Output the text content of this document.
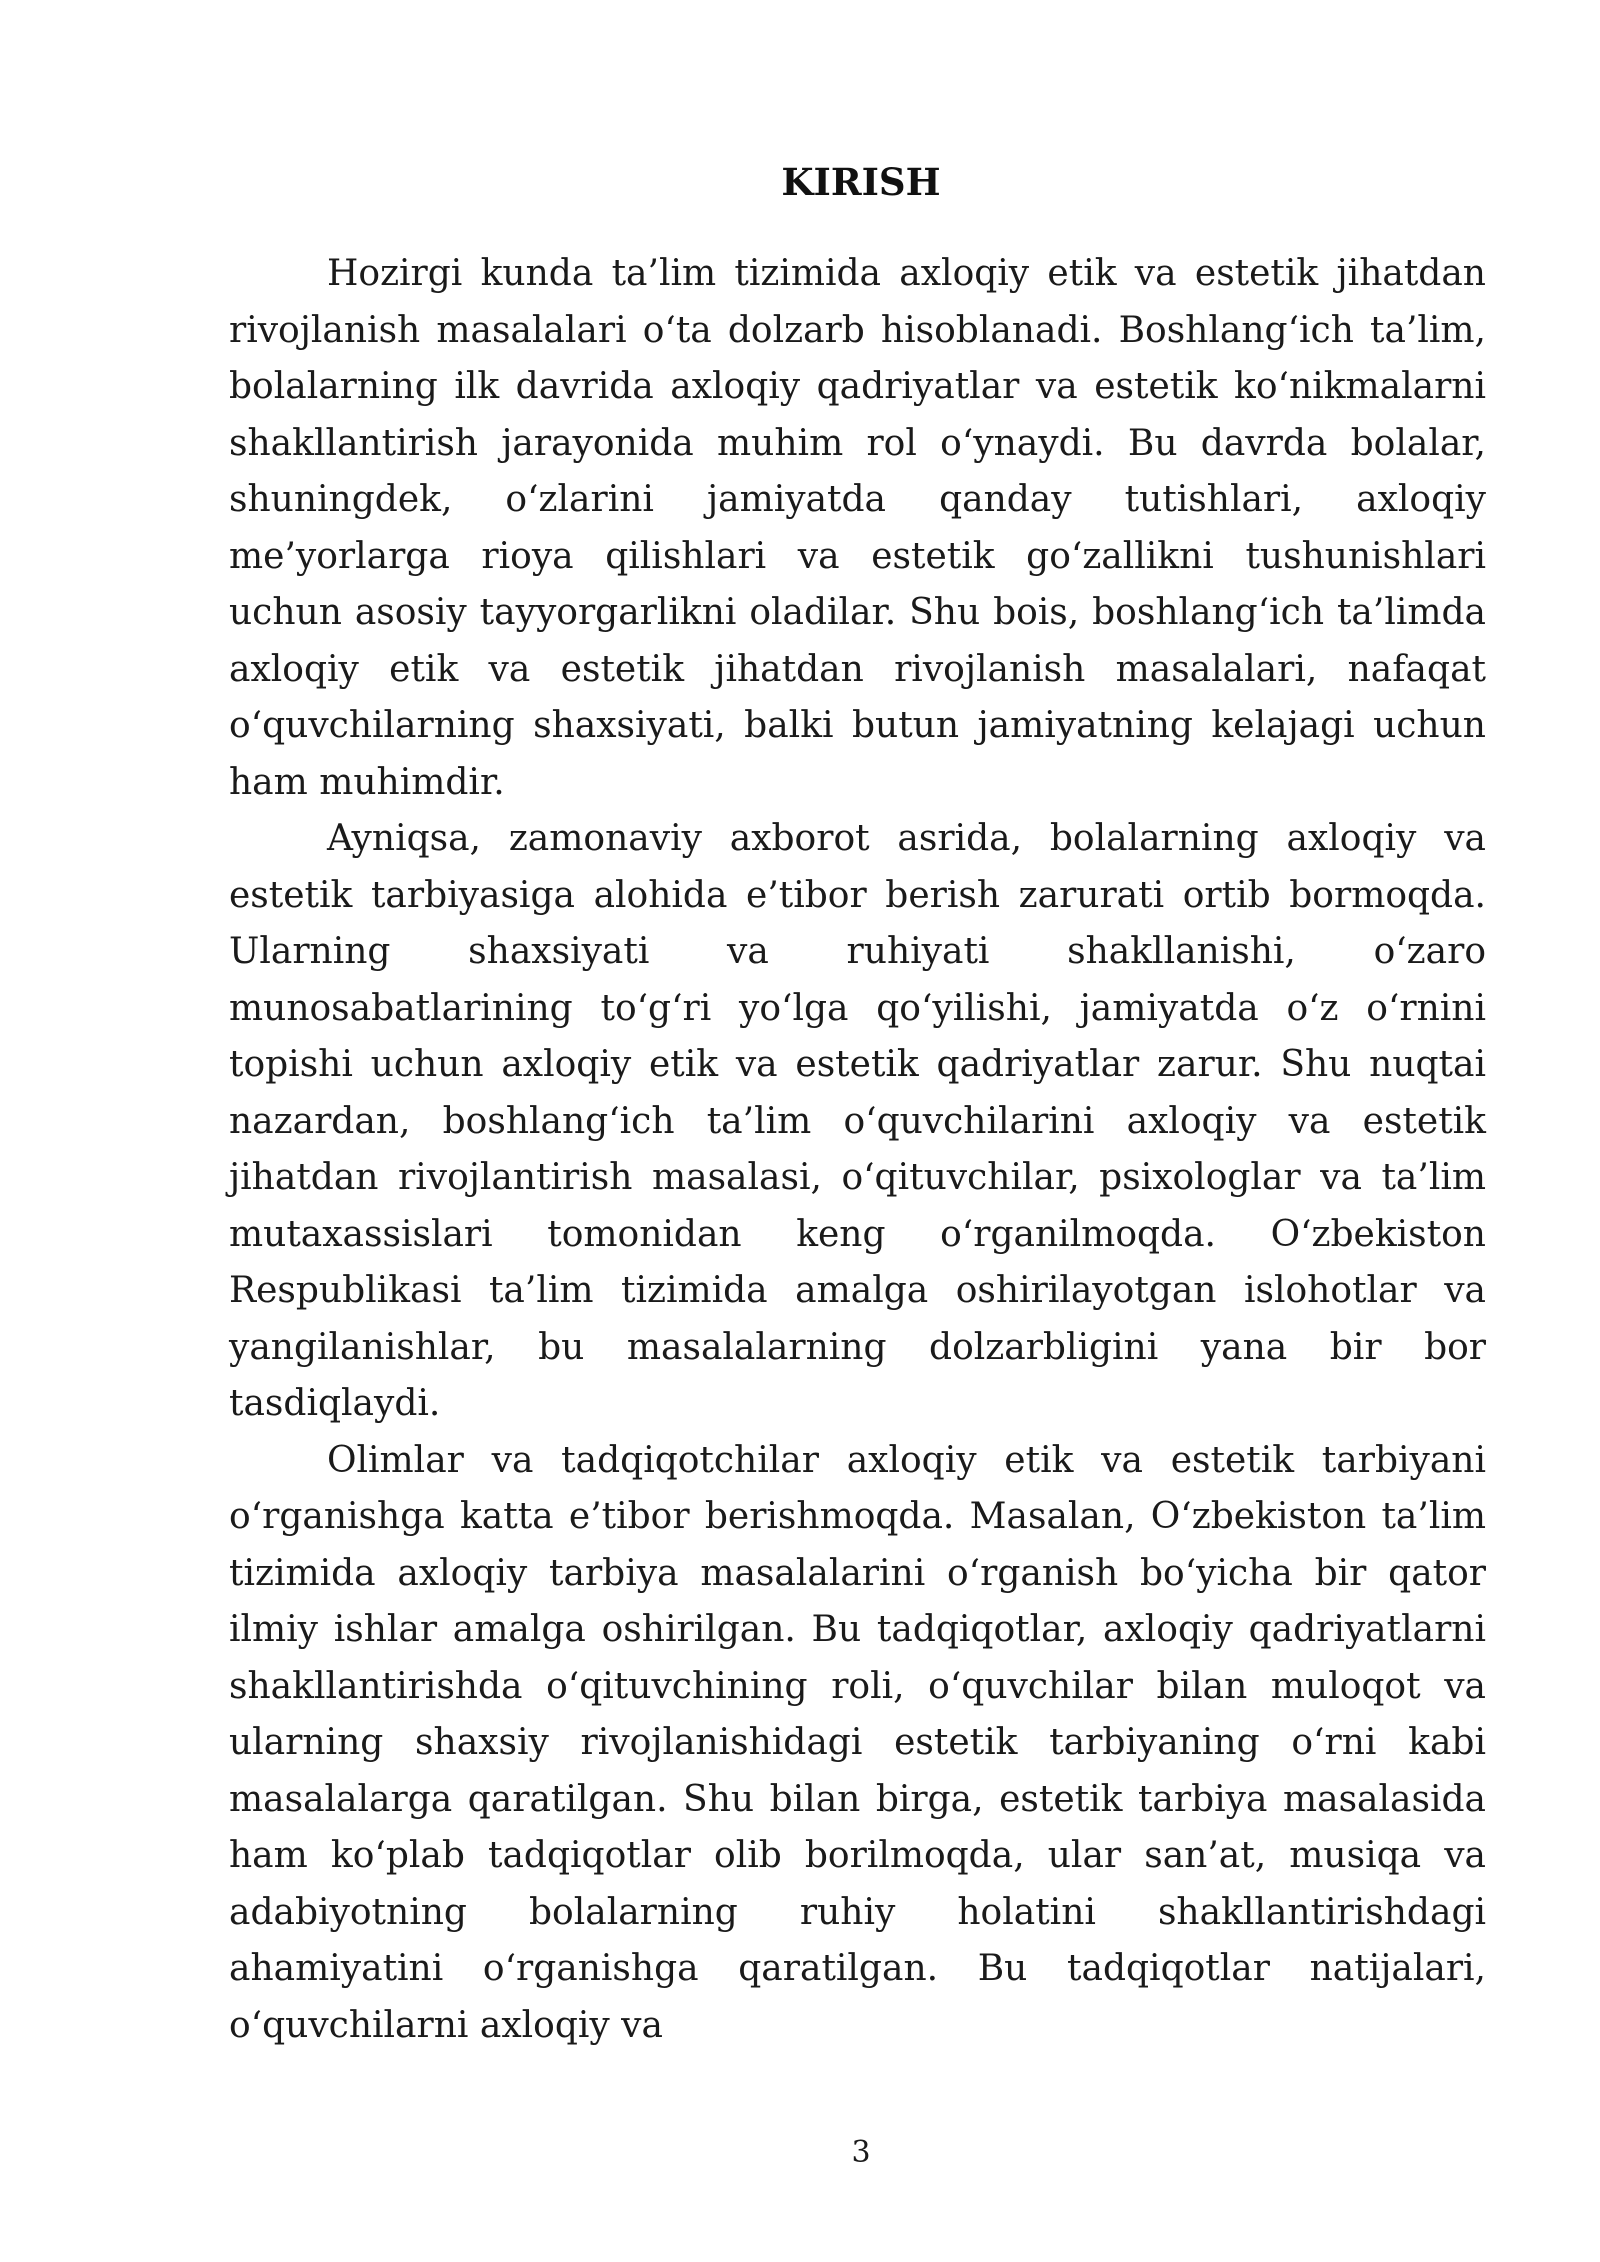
KIRISH

Hozirgi kunda ta’lim tizimida axloqiy etik va estetik jihatdan rivojlanish masalalari o‘ta dolzarb hisoblanadi. Boshlang‘ich ta’lim, bolalarning ilk davrida axloqiy qadriyatlar va estetik ko‘nikmalarni shakllantirish jarayonida muhim rol o‘ynaydi. Bu davrda bolalar, shuningdek, o‘zlarini jamiyatda qanday tutishlari, axloqiy me’yorlarga rioya qilishlari va estetik go‘zallikni tushunishlari uchun asosiy tayyorgarlikni oladilar. Shu bois, boshlang‘ich ta’limda axloqiy etik va estetik jihatdan rivojlanish masalalari, nafaqat o‘quvchilarning shaxsiyati, balki butun jamiyatning kelajagi uchun ham muhimdir.

Ayniqsa, zamonaviy axborot asrida, bolalarning axloqiy va estetik tarbiyasiga alohida e’tibor berish zarurati ortib bormoqda. Ularning shaxsiyati va ruhiyati shakllanishi, o‘zaro munosabatlarining to‘g‘ri yo‘lga qo‘yilishi, jamiyatda o‘z o‘rnini topishi uchun axloqiy etik va estetik qadriyatlar zarur. Shu nuqtai nazardan, boshlang‘ich ta’lim o‘quvchilarini axloqiy va estetik jihatdan rivojlantirish masalasi, o‘qituvchilar, psixologlar va ta’lim mutaxassislari tomonidan keng o‘rganilmoqda. O‘zbekiston Respublikasi ta’lim tizimida amalga oshirilayotgan islohotlar va yangilanishlar, bu masalalarning dolzarbligini yana bir bor tasdiqlaydi.

Olimlar va tadqiqotchilar axloqiy etik va estetik tarbiyani o‘rganishga katta e’tibor berishmoqda. Masalan, O‘zbekiston ta’lim tizimida axloqiy tarbiya masalalarini o‘rganish bo‘yicha bir qator ilmiy ishlar amalga oshirilgan. Bu tadqiqotlar, axloqiy qadriyatlarni shakllantirishda o‘qituvchining roli, o‘quvchilar bilan muloqot va ularning shaxsiy rivojlanishidagi estetik tarbiyaning o‘rni kabi masalalarga qaratilgan. Shu bilan birga, estetik tarbiya masalasida ham ko‘plab tadqiqotlar olib borilmoqda, ular san’at, musiqa va adabiyotning bolalarning ruhiy holatini shakllantirishdagi ahamiyatini o‘rganishga qaratilgan. Bu tadqiqotlar natijalari, o‘quvchilarni axloqiy va

3
